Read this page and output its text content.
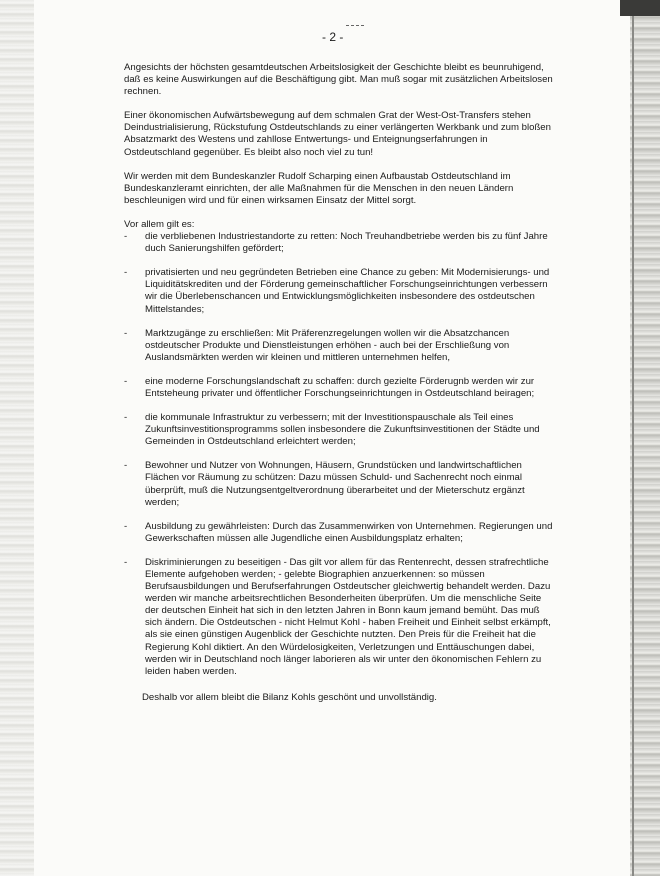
- 2 -

Angesichts der höchsten gesamtdeutschen Arbeitslosigkeit der Geschichte bleibt es beunruhigend, daß es keine Auswirkungen auf die Beschäftigung gibt. Man muß sogar mit zusätzlichen Arbeitslosen rechnen.

Einer ökonomischen Aufwärtsbewegung auf dem schmalen Grat der West-Ost-Transfers stehen Deindustrialisierung, Rückstufung Ostdeutschlands zu einer verlängerten Werkbank und zum bloßen Absatzmarkt des Westens und zahllose Entwertungs- und Enteignungserfahrungen in Ostdeutschland gegenüber. Es bleibt also noch viel zu tun!

Wir werden mit dem Bundeskanzler Rudolf Scharping einen Aufbaustab Ostdeutschland im Bundeskanzleramt einrichten, der alle Maßnahmen für die Menschen in den neuen Ländern beschleunigen wird und für einen wirksamen Einsatz der Mittel sorgt.

Vor allem gilt es:

- die verbliebenen Industriestandorte zu retten: Noch Treuhandbetriebe werden bis zu fünf Jahre duch Sanierungshilfen gefördert;
- privatisierten und neu gegründeten Betrieben eine Chance zu geben: Mit Modernisierungs- und Liquiditätskrediten und der Förderung gemeinschaftlicher Forschungseinrichtungen verbessern wir die Überlebenschancen und Entwicklungsmöglichkeiten insbesondere des ostdeutschen Mittelstandes;
- Marktzugänge zu erschließen: Mit Präferenzregelungen wollen wir die Absatzchancen ostdeutscher Produkte und Dienstleistungen erhöhen - auch bei der Erschließung von Auslandsmärkten werden wir kleinen und mittleren unternehmen helfen,
- eine moderne Forschungslandschaft zu schaffen: durch gezielte Förderugnb werden wir zur Entsteheung privater und öffentlicher Forschungseinrichtungen in Ostdeutschland beiragen;
- die kommunale Infrastruktur zu verbessern; mit der Investitionspauschale als Teil eines Zukunftsinvestitionsprogramms sollen insbesondere die Zukunftsinvestitionen der Städte und Gemeinden in Ostdeutschland erleichtert werden;
- Bewohner und Nutzer von Wohnungen, Häusern, Grundstücken und landwirtschaftlichen Flächen vor Räumung zu schützen: Dazu müssen Schuld- und Sachenrecht noch einmal überprüft, muß die Nutzungsentgeltverordnung überarbeitet und der Mieterschutz ergänzt werden;
- Ausbildung zu gewährleisten: Durch das Zusammenwirken von Unternehmen. Regierungen und Gewerkschaften müssen alle Jugendliche einen Ausbildungsplatz erhalten;
- Diskriminierungen zu beseitigen - Das gilt vor allem für das Rentenrecht, dessen strafrechtliche Elemente aufgehoben werden; - gelebte Biographien anzuerkennen: so müssen Berufsausbildungen und Berufserfahrungen Ostdeutscher gleichwertig behandelt werden. Dazu werden wir manche arbeitsrechtlichen Besonderheiten überprüfen. Um die menschliche Seite der deutschen Einheit hat sich in den letzten Jahren in Bonn kaum jemand bemüht. Das muß sich ändern. Die Ostdeutschen - nicht Helmut Kohl - haben Freiheit und Einheit selbst erkämpft, als sie einen günstigen Augenblick der Geschichte nutzten. Den Preis für die Freiheit hat die Regierung Kohl diktiert. An den Würdelosigkeiten, Verletzungen und Enttäuschungen dabei, werden wir in Deutschland noch länger laborieren als wir unter den ökonomischen Fehlern zu leiden haben werden.

Deshalb vor allem bleibt die Bilanz Kohls geschönt und unvollständig.
